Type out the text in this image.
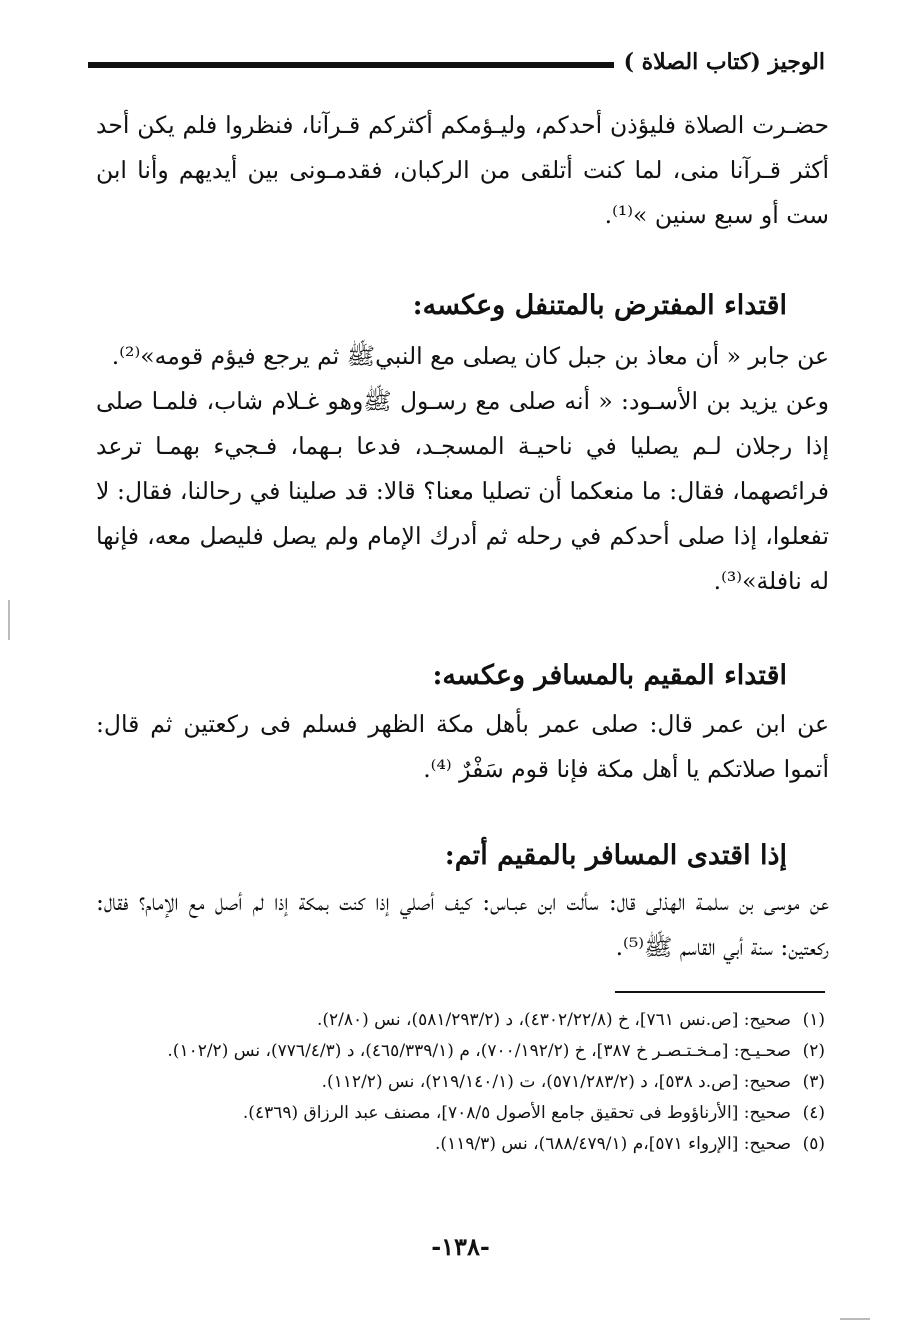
الوجيز (كتاب الصلاة )

حضـرت الصلاة فليؤذن أحدكم، وليـؤمكم أكثركم قـرآنا، فنظروا فلم يكن أحد أكثر قـرآنا منى، لما كنت أتلقى من الركبان، فقدمـونى بين أيديهم وأنا ابن ست أو سبع سنين »⁽¹⁾.

اقتداء المفترض بالمتنفل وعكسه:

عن جابر « أن معاذ بن جبل كان يصلى مع النبيﷺ ثم يرجع فيؤم قومه»⁽²⁾.

وعن يزيد بن الأسـود: « أنه صلى مع رسـول ﷺوهو غـلام شاب، فلمـا صلى إذا رجلان لـم يصليا في ناحيـة المسجـد، فدعا بـهما، فـجيء بهمـا ترعد فرائصهما، فقال: ما منعكما أن تصليا معنا؟ قالا: قد صلينا في رحالنا، فقال: لا تفعلوا، إذا صلى أحدكم في رحله ثم أدرك الإمام ولم يصل فليصل معه، فإنها له نافلة»⁽³⁾.

اقتداء المقيم بالمسافر وعكسه:

عن ابن عمر قال: صلى عمر بأهل مكة الظهر فسلم فى ركعتين ثم قال: أتموا صلاتكم يا أهل مكة فإنا قوم سَفْرٌ ⁽⁴⁾.

إذا اقتدى المسافر بالمقيم أتم:

عن موسى بن سلمـة الهذلى قال: سألت ابن عبـاس: كيف أصلي إذا كنت بمكة إذا لم أصل مع الإمام؟ فقال: ركعتين: سنة أبي القاسم ﷺ⁽⁵⁾.

(١)
صحيح: [ص.نس ٧٦١]، خ (٤٣٠٢/٢٢/٨)، د (٥٨١/٢٩٣/٢)، نس (٢/٨٠).
(٢)
صحـيـح: [مـخـتـصـر خ ٣٨٧]، خ (٧٠٠/١٩٢/٢)، م (٤٦٥/٣٣٩/١)، د (٧٧٦/٤/٣)، نس (١٠٢/٢).
(٣)
صحيح: [ص.د ٥٣٨]، د (٥٧١/٢٨٣/٢)، ت (٢١٩/١٤٠/١)، نس (١١٢/٢).
(٤)
صحيح: [الأرناؤوط فى تحقيق جامع الأصول ٧٠٨/٥]، مصنف عبد الرزاق (٤٣٦٩).
(٥)
صحيح: [الإرواء ٥٧١]،م (٦٨٨/٤٧٩/١)، نس (١١٩/٣).
-١٣٨-
